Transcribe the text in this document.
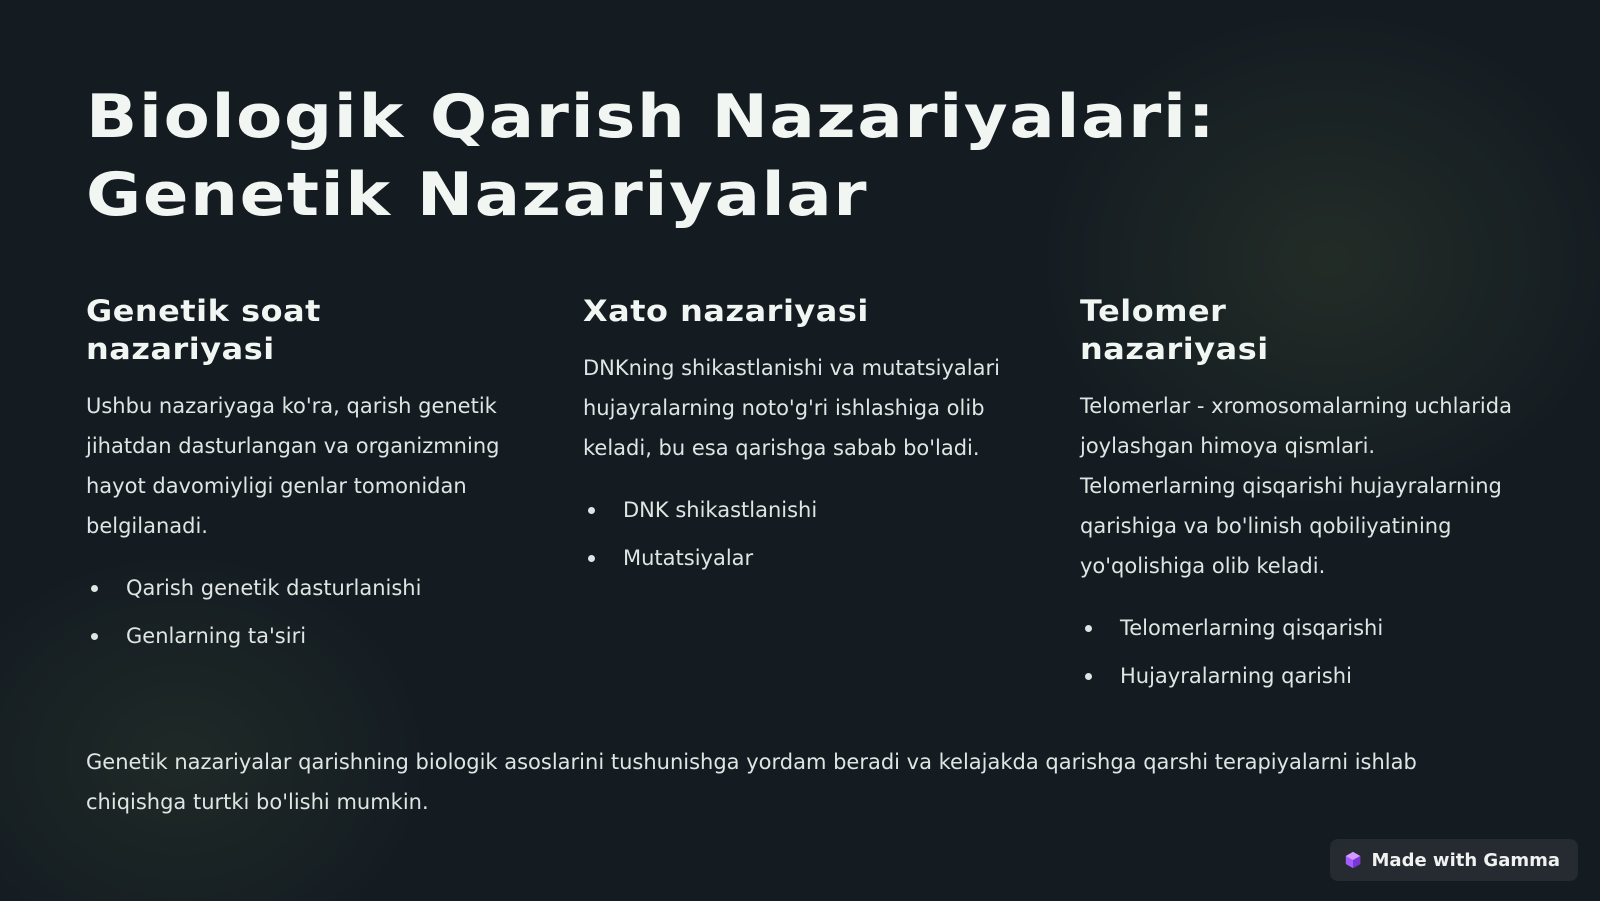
Biologik Qarish Nazariyalari:
Genetik Nazariyalar
Genetik soat
nazariyasi

Ushbu nazariyaga ko'ra, qarish genetik jihatdan dasturlangan va organizmning hayot davomiyligi genlar tomonidan belgilanadi.

Qarish genetik dasturlanishi
Genlarning ta'siri
Xato nazariyasi

DNKning shikastlanishi va mutatsiyalari hujayralarning noto'g'ri ishlashiga olib keladi, bu esa qarishga sabab bo'ladi.

DNK shikastlanishi
Mutatsiyalar
Telomer
nazariyasi

Telomerlar - xromosomalarning uchlarida joylashgan himoya qismlari. Telomerlarning qisqarishi hujayralarning qarishiga va bo'linish qobiliyatining yo'qolishiga olib keladi.

Telomerlarning qisqarishi
Hujayralarning qarishi

Genetik nazariyalar qarishning biologik asoslarini tushunishga yordam beradi va kelajakda qarishga qarshi terapiyalarni ishlab chiqishga turtki bo'lishi mumkin.

Made with Gamma
